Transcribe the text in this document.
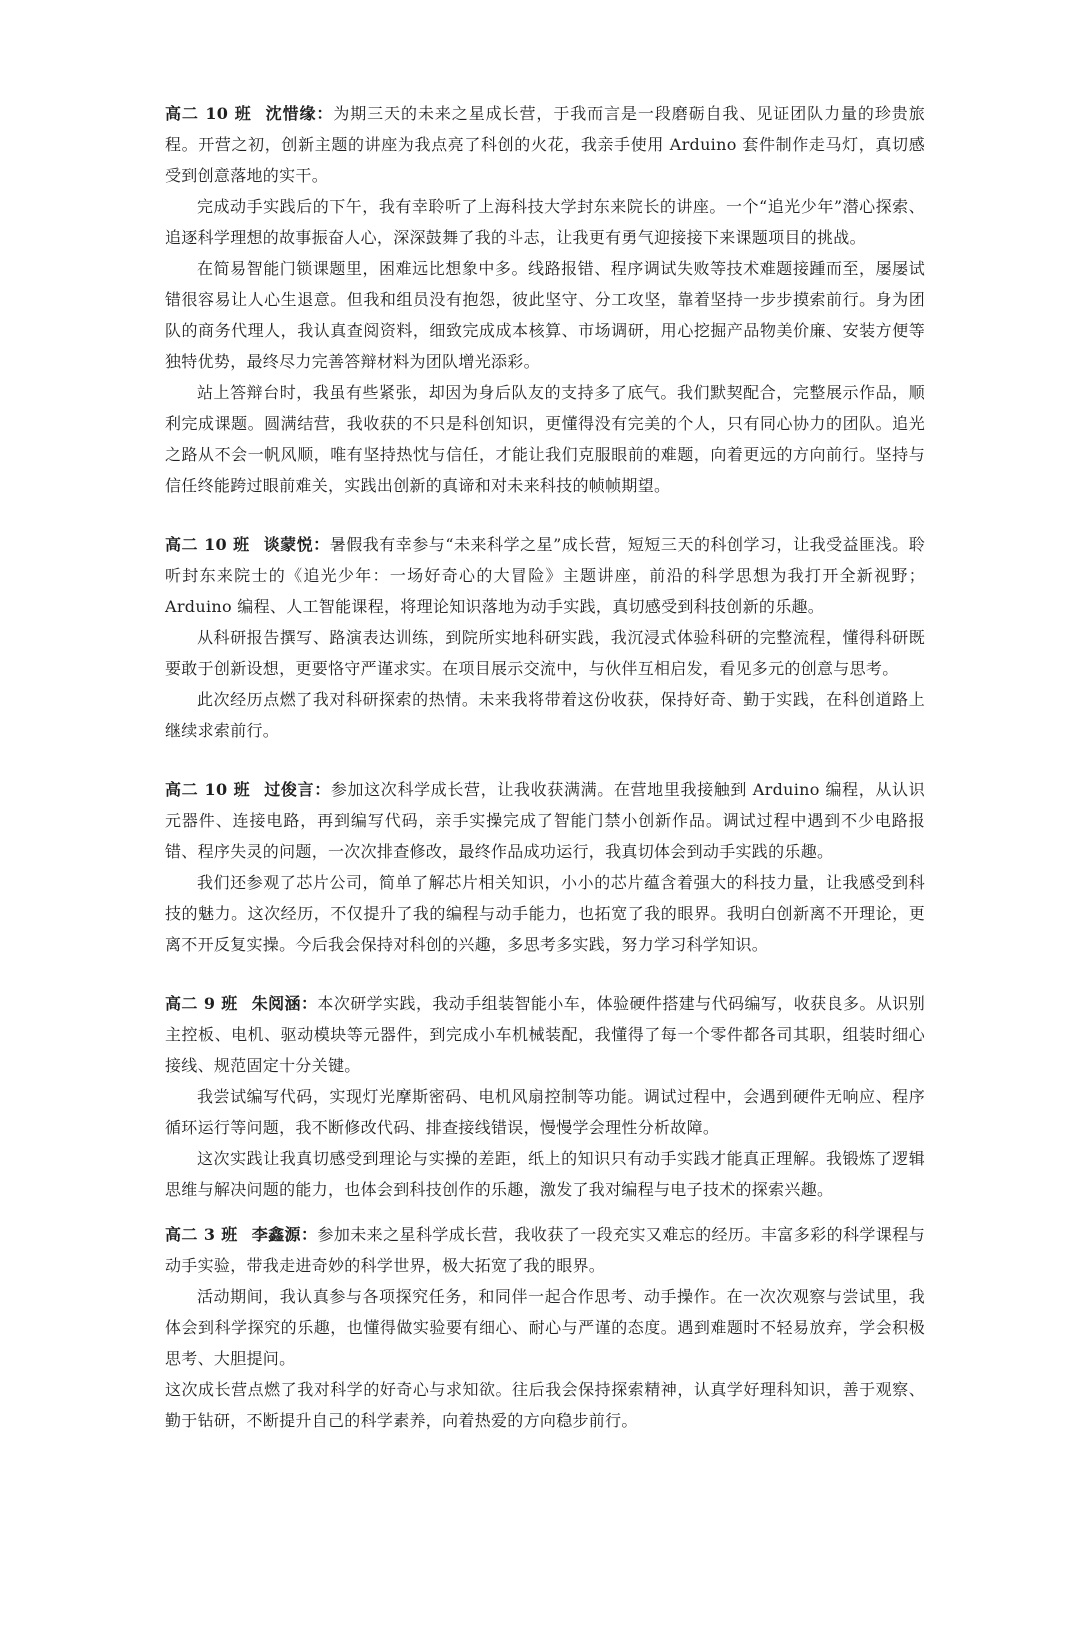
高二 10 班 沈惜缘：为期三天的未来之星成长营，于我而言是一段磨砺自我、见证团队力量的珍贵旅程。开营之初，创新主题的讲座为我点亮了科创的火花，我亲手使用 Arduino 套件制作走马灯，真切感受到创意落地的实干。

完成动手实践后的下午，我有幸聆听了上海科技大学封东来院长的讲座。一个“追光少年”潜心探索、追逐科学理想的故事振奋人心，深深鼓舞了我的斗志，让我更有勇气迎接接下来课题项目的挑战。

在简易智能门锁课题里，困难远比想象中多。线路报错、程序调试失败等技术难题接踵而至，屡屡试错很容易让人心生退意。但我和组员没有抱怨，彼此坚守、分工攻坚，靠着坚持一步步摸索前行。身为团队的商务代理人，我认真查阅资料，细致完成成本核算、市场调研，用心挖掘产品物美价廉、安装方便等独特优势，最终尽力完善答辩材料为团队增光添彩。

站上答辩台时，我虽有些紧张，却因为身后队友的支持多了底气。我们默契配合，完整展示作品，顺利完成课题。圆满结营，我收获的不只是科创知识，更懂得没有完美的个人，只有同心协力的团队。追光之路从不会一帆风顺，唯有坚持热忱与信任，才能让我们克服眼前的难题，向着更远的方向前行。坚持与信任终能跨过眼前难关，实践出创新的真谛和对未来科技的帧帧期望。

高二 10 班 谈蒙悦：暑假我有幸参与“未来科学之星”成长营，短短三天的科创学习，让我受益匪浅。聆听封东来院士的《追光少年：一场好奇心的大冒险》主题讲座，前沿的科学思想为我打开全新视野；Arduino 编程、人工智能课程，将理论知识落地为动手实践，真切感受到科技创新的乐趣。

从科研报告撰写、路演表达训练，到院所实地科研实践，我沉浸式体验科研的完整流程，懂得科研既要敢于创新设想，更要恪守严谨求实。在项目展示交流中，与伙伴互相启发，看见多元的创意与思考。

此次经历点燃了我对科研探索的热情。未来我将带着这份收获，保持好奇、勤于实践，在科创道路上继续求索前行。

高二 10 班 过俊言：参加这次科学成长营，让我收获满满。在营地里我接触到 Arduino 编程，从认识元器件、连接电路，再到编写代码，亲手实操完成了智能门禁小创新作品。调试过程中遇到不少电路报错、程序失灵的问题，一次次排查修改，最终作品成功运行，我真切体会到动手实践的乐趣。

我们还参观了芯片公司，简单了解芯片相关知识，小小的芯片蕴含着强大的科技力量，让我感受到科技的魅力。这次经历，不仅提升了我的编程与动手能力，也拓宽了我的眼界。我明白创新离不开理论，更离不开反复实操。今后我会保持对科创的兴趣，多思考多实践，努力学习科学知识。

高二 9 班 朱阅涵：本次研学实践，我动手组装智能小车，体验硬件搭建与代码编写，收获良多。从识别主控板、电机、驱动模块等元器件，到完成小车机械装配，我懂得了每一个零件都各司其职，组装时细心接线、规范固定十分关键。

我尝试编写代码，实现灯光摩斯密码、电机风扇控制等功能。调试过程中，会遇到硬件无响应、程序循环运行等问题，我不断修改代码、排查接线错误，慢慢学会理性分析故障。

这次实践让我真切感受到理论与实操的差距，纸上的知识只有动手实践才能真正理解。我锻炼了逻辑思维与解决问题的能力，也体会到科技创作的乐趣，激发了我对编程与电子技术的探索兴趣。

高二 3 班 李鑫源：参加未来之星科学成长营，我收获了一段充实又难忘的经历。丰富多彩的科学课程与动手实验，带我走进奇妙的科学世界，极大拓宽了我的眼界。

活动期间，我认真参与各项探究任务，和同伴一起合作思考、动手操作。在一次次观察与尝试里，我体会到科学探究的乐趣，也懂得做实验要有细心、耐心与严谨的态度。遇到难题时不轻易放弃，学会积极思考、大胆提问。

这次成长营点燃了我对科学的好奇心与求知欲。往后我会保持探索精神，认真学好理科知识，善于观察、勤于钻研，不断提升自己的科学素养，向着热爱的方向稳步前行。
